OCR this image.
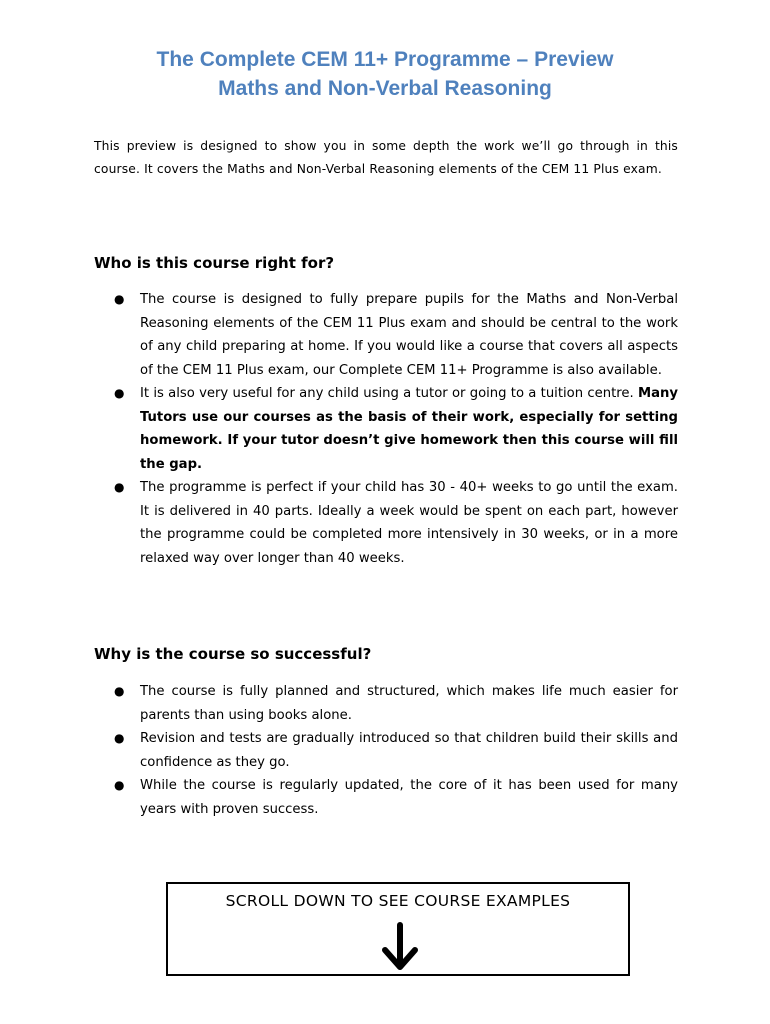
The Complete CEM 11+ Programme – Preview
Maths and Non-Verbal Reasoning
This preview is designed to show you in some depth the work we’ll go through in this course. It covers the Maths and Non-Verbal Reasoning elements of the CEM 11 Plus exam.
Who is this course right for?
● The course is designed to fully prepare pupils for the Maths and Non-Verbal Reasoning elements of the CEM 11 Plus exam and should be central to the work of any child preparing at home. If you would like a course that covers all aspects of the CEM 11 Plus exam, our Complete CEM 11+ Programme is also available.
● It is also very useful for any child using a tutor or going to a tuition centre. Many Tutors use our courses as the basis of their work, especially for setting homework. If your tutor doesn’t give homework then this course will fill the gap.
● The programme is perfect if your child has 30 - 40+ weeks to go until the exam. It is delivered in 40 parts. Ideally a week would be spent on each part, however the programme could be completed more intensively in 30 weeks, or in a more relaxed way over longer than 40 weeks.
Why is the course so successful?
● The course is fully planned and structured, which makes life much easier for parents than using books alone.
● Revision and tests are gradually introduced so that children build their skills and confidence as they go.
● While the course is regularly updated, the core of it has been used for many years with proven success.
SCROLL DOWN TO SEE COURSE EXAMPLES
